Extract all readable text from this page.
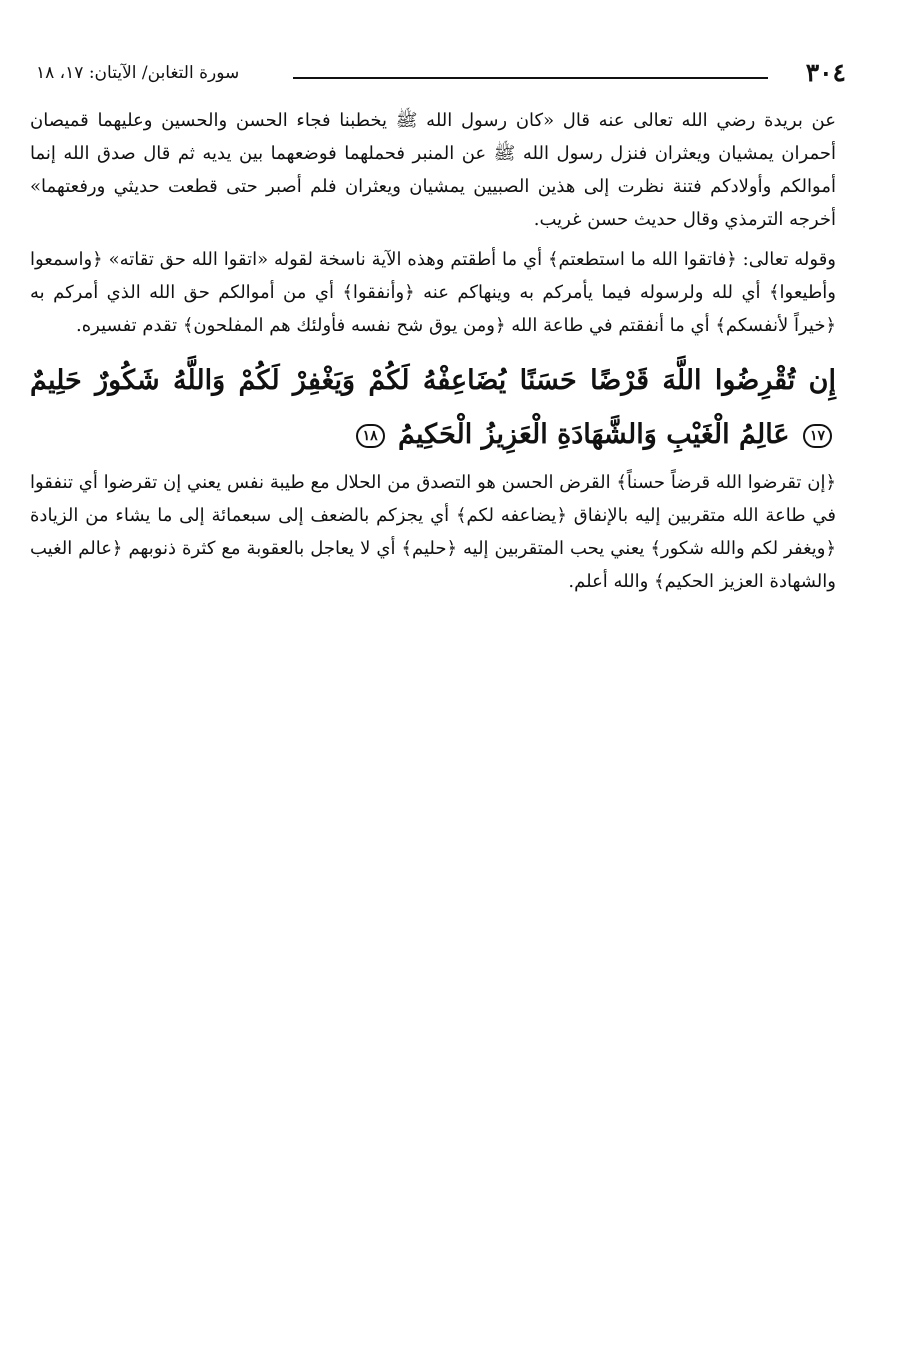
٣٠٤
سورة التغابن/ الآيتان: ١٧، ١٨

عن بريدة رضي الله تعالى عنه قال «كان رسول الله ﷺ يخطبنا فجاء الحسن والحسين وعليهما قميصان أحمران يمشيان ويعثران فنزل رسول الله ﷺ عن المنبر فحملهما فوضعهما بين يديه ثم قال صدق الله إنما أموالكم وأولادكم فتنة نظرت إلى هذين الصبيين يمشيان ويعثران فلم أصبر حتى قطعت حديثي ورفعتهما» أخرجه الترمذي وقال حديث حسن غريب.

وقوله تعالى: ﴿فاتقوا الله ما استطعتم﴾ أي ما أطقتم وهذه الآية ناسخة لقوله «اتقوا الله حق تقاته» ﴿واسمعوا وأطيعوا﴾ أي لله ولرسوله فيما يأمركم به وينهاكم عنه ﴿وأنفقوا﴾ أي من أموالكم حق الله الذي أمركم به ﴿خيراً لأنفسكم﴾ أي ما أنفقتم في طاعة الله ﴿ومن يوق شح نفسه فأولئك هم المفلحون﴾ تقدم تفسيره.

إِن تُقْرِضُوا اللَّهَ قَرْضًا حَسَنًا يُضَاعِفْهُ لَكُمْ وَيَغْفِرْ لَكُمْ وَاللَّهُ شَكُورٌ حَلِيمٌ ١٧ عَالِمُ الْغَيْبِ وَالشَّهَادَةِ الْعَزِيزُ الْحَكِيمُ ١٨

﴿إن تقرضوا الله قرضاً حسناً﴾ القرض الحسن هو التصدق من الحلال مع طيبة نفس يعني إن تقرضوا أي تنفقوا في طاعة الله متقربين إليه بالإنفاق ﴿يضاعفه لكم﴾ أي يجزكم بالضعف إلى سبعمائة إلى ما يشاء من الزيادة ﴿ويغفر لكم والله شكور﴾ يعني يحب المتقربين إليه ﴿حليم﴾ أي لا يعاجل بالعقوبة مع كثرة ذنوبهم ﴿عالم الغيب والشهادة العزيز الحكيم﴾ والله أعلم.
